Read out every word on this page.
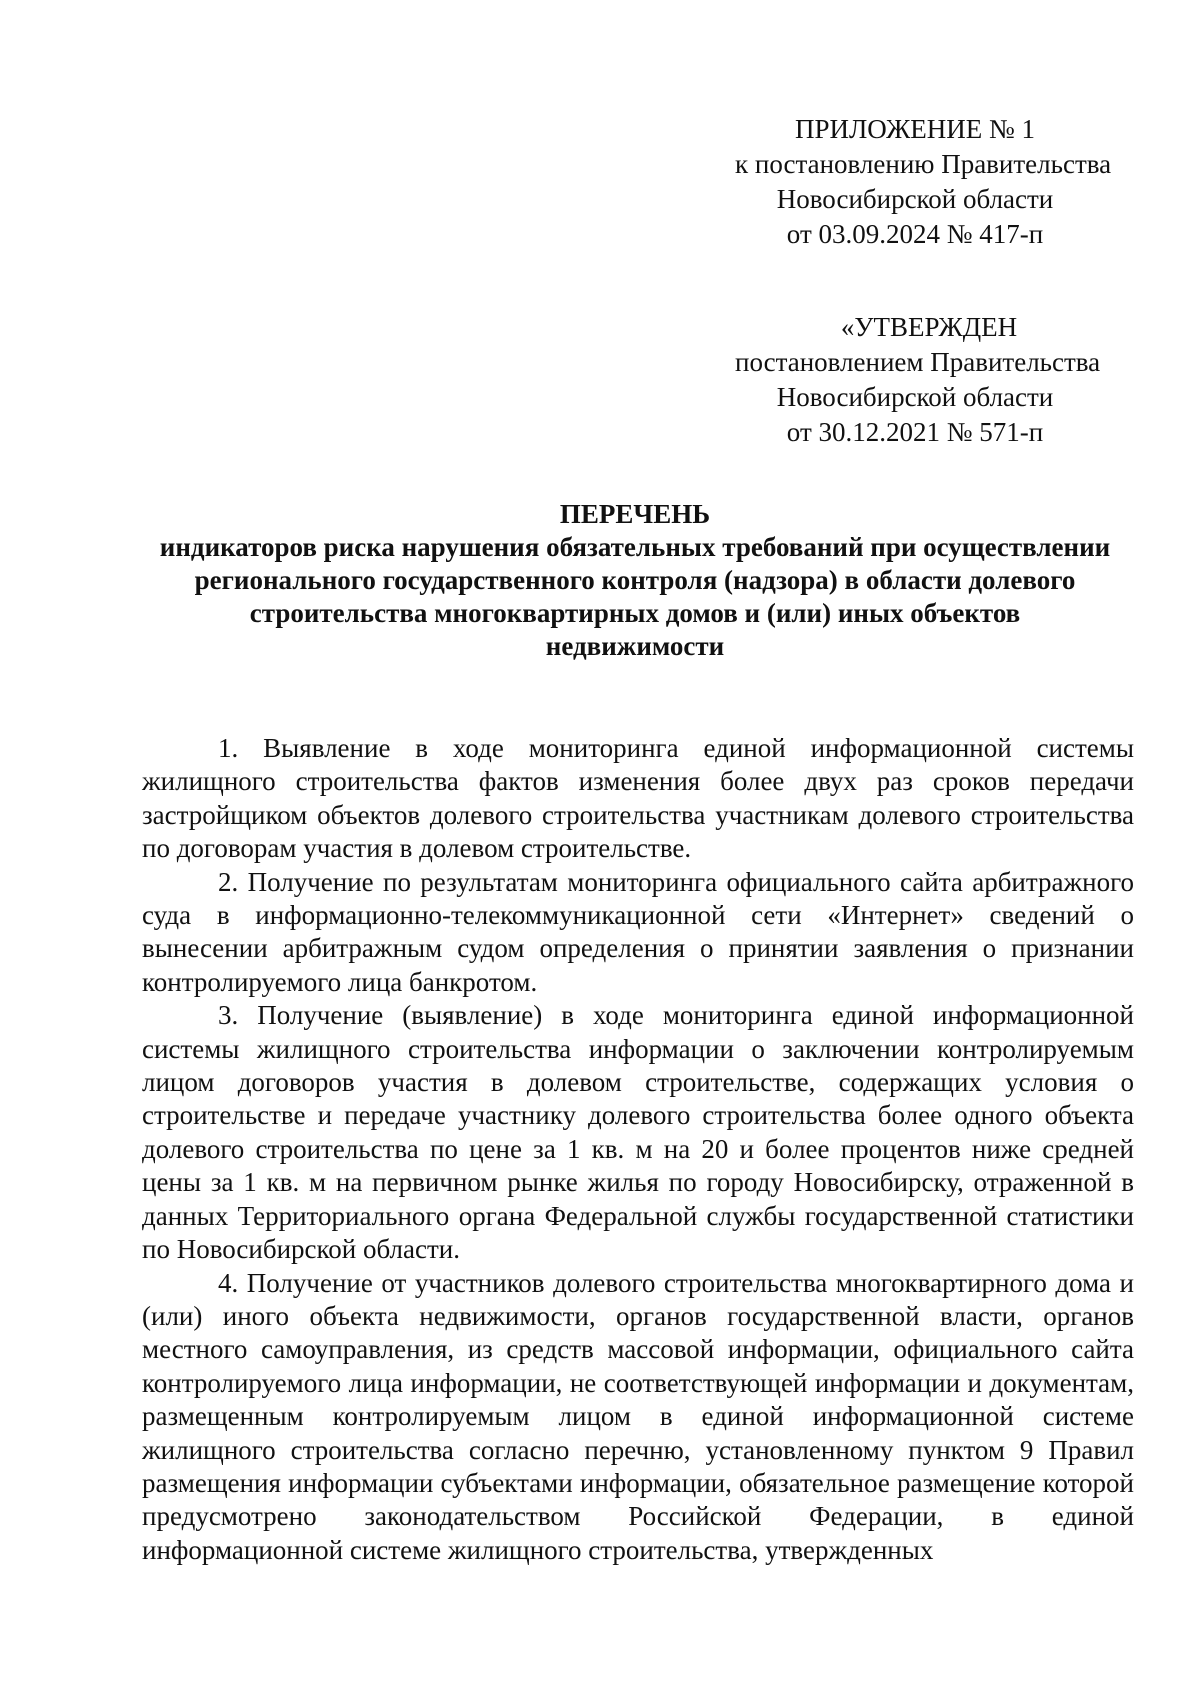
ПРИЛОЖЕНИЕ № 1
к постановлению Правительства
Новосибирской области
от 03.09.2024 № 417-п
«УТВЕРЖДЕН
постановлением Правительства
Новосибирской области
от 30.12.2021 № 571-п
ПЕРЕЧЕНЬ
индикаторов риска нарушения обязательных требований при осуществлении
регионального государственного контроля (надзора) в области долевого
строительства многоквартирных домов и (или) иных объектов
недвижимости

1. Выявление в ходе мониторинга единой информационной системы жилищного строительства фактов изменения более двух раз сроков передачи застройщиком объектов долевого строительства участникам долевого строительства по договорам участия в долевом строительстве.

2. Получение по результатам мониторинга официального сайта арбитражного суда в информационно-телекоммуникационной сети «Интернет» сведений о вынесении арбитражным судом определения о принятии заявления о признании контролируемого лица банкротом.

3. Получение (выявление) в ходе мониторинга единой информационной системы жилищного строительства информации о заключении контролируемым лицом договоров участия в долевом строительстве, содержащих условия о строительстве и передаче участнику долевого строительства более одного объекта долевого строительства по цене за 1 кв. м на 20 и более процентов ниже средней цены за 1 кв. м на первичном рынке жилья по городу Новосибирску, отраженной в данных Территориального органа Федеральной службы государственной статистики по Новосибирской области.

4. Получение от участников долевого строительства многоквартирного дома и (или) иного объекта недвижимости, органов государственной власти, органов местного самоуправления, из средств массовой информации, официального сайта контролируемого лица информации, не соответствующей информации и документам, размещенным контролируемым лицом в единой информационной системе жилищного строительства согласно перечню, установленному пунктом 9 Правил размещения информации субъектами информации, обязательное размещение которой предусмотрено законодательством Российской Федерации, в единой информационной системе жилищного строительства, утвержденных
